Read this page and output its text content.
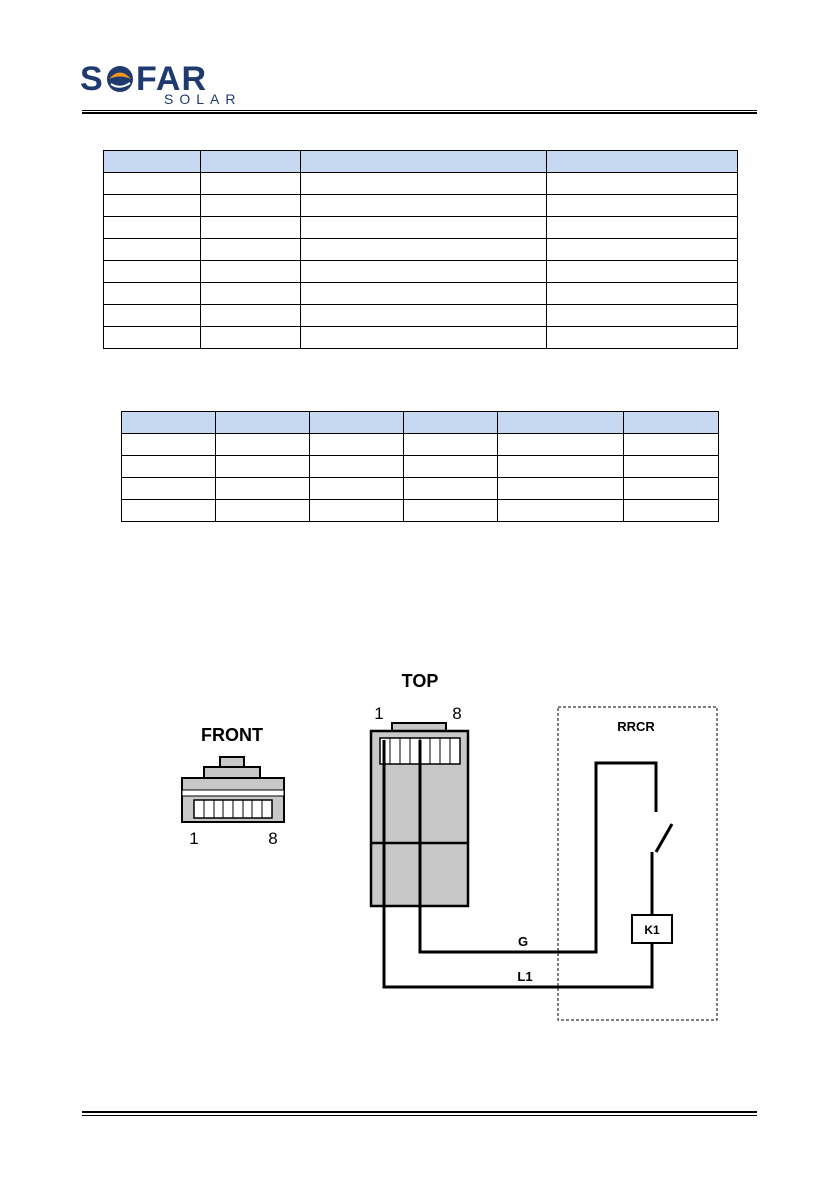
S FAR
SOLAR

FRONT
1	8
TOP
1	8
RRCR
K1
G
L1
